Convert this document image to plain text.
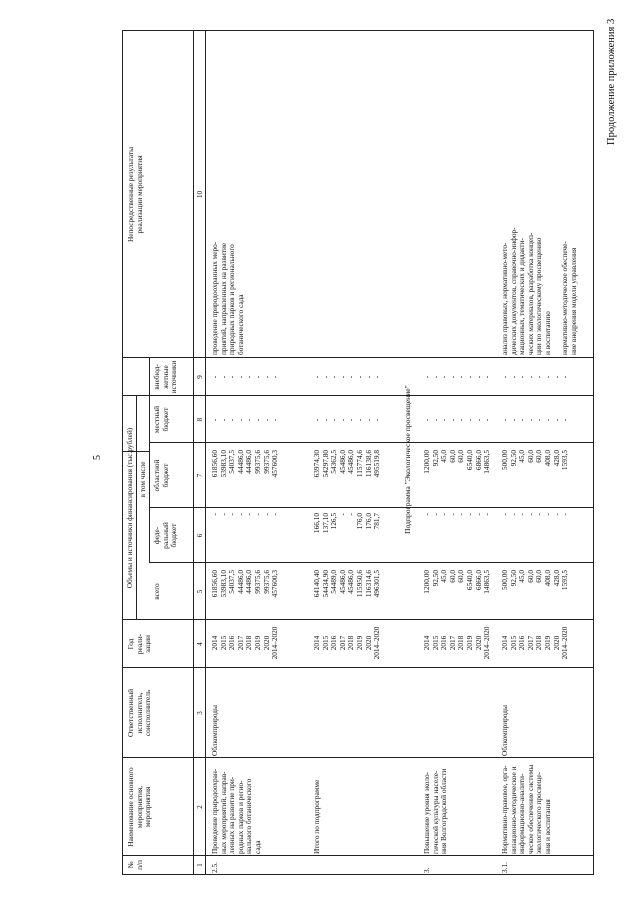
5
Продолжение приложения 3
№ п/п
Наименование основного мероприятия, мероприятия
Ответственный исполнитель, соисполнитель
Год реали- зации
Объемы и источники финансирования (тыс.рублей)
всего
в том числе
феде- ральный бюджет
областной бюджет
местный бюджет
внебюд- жетные источники
Непосредственные результаты реализации мероприятия
1
2
3
4
5
6
7
8
9
10
2.5.
Проведение природоохран- ных мероприятий, направ- ленных на развитие при- родных парков и регио- нального ботанического сада
Облкомприроды
2014 2015 2016 2017 2018 2019 2020 2014–2020
61856,60 53983,10 54037,5 44486,0 44486,0 99375,6 99375,6 457600,3
- - - - - - - -
61856,60 53983,10 54037,5 44486,0 44486,0 99375,6 99375,6 457600,3
- - - - - - - -
- - - - - - - -
проведение природоохранных меро- приятий, направленных на развитие природных парков и регионального ботанического сада
Итого по подпрограмме
2014 2015 2016 2017 2018 2019 2020 2014–2020
64140,40 54434,90 54489,0 45486,0 45486,0 115950,6 116314,6 496301,5
166,10 137,10 126,5 - - 176,0 176,0 781,7
63974,30 54297,80 54362,5 45486,0 45486,0 115774,6 116138,6 495519,8
- - - - - - - -
- - - - - - - -
3.
Повышение уровня эколо- гической культуры населе- ния Волгоградской области
2014 2015 2016 2017 2018 2019 2020 2014–2020
1200,00 92,50 45,0 60,0 60,0 6540,0 6866,0 14863,5
- - - - - - - -
1200,00 92,50 45,0 60,0 60,0 6540,0 6866,0 14863,5
- - - - - - - -
- - - - - - - -
3.1.
Нормативно-правовое, орга- низационно-методическое и информационно-аналити- ческое обеспечение системы экологического просвеще- ния и воспитания
Облкомприроды
2014 2015 2016 2017 2018 2019 2020 2014–2020
500,00 92,50 45,0 60,0 60,0 408,0 428,0 1593,5
- - - - - - - -
500,00 92,50 45,0 60,0 60,0 408,0 428,0 1593,5
- - - - - - - -
- - - - - - - -
анализ правовых, нормативно-мето- дических документов, справочно-инфор- мационных, тематических и дидакти- ческих материалов, разработка концеп- ции по экологическому просвещению и воспитанию нормативно-методическое обеспече- ние внедрения модели управления
Подпрограмма "Экологическое просвещение"
